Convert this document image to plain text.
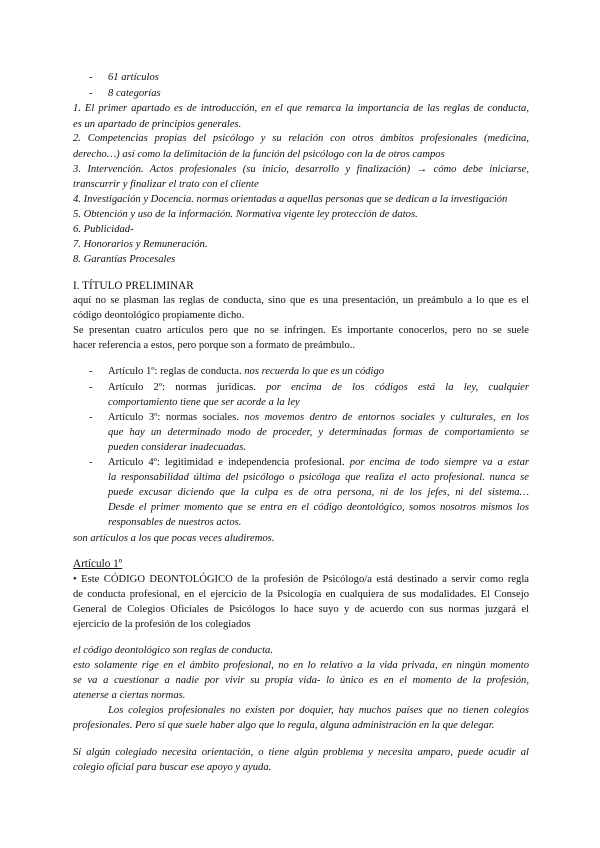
- 61 artículos
- 8 categorías
1. El primer apartado es de introducción, en el que remarca la importancia de las reglas de conducta,
es un apartado de principios generales.
2. Competencias propias del psicólogo y su relación con otros ámbitos profesionales (medicina,
derecho…) así como la delimitación de la función del psicólogo con la de otros campos
3. Intervención. Actos profesionales (su inicio, desarrollo y finalización) → cómo debe iniciarse,
transcurrir y finalizar el trato con el cliente
4. Investigación y Docencia. normas orientadas a aquellas personas que se dedican a la investigación
5. Obtención y uso de la información. Normativa vigente ley protección de datos.
6. Publicidad-
7. Honorarios y Remuneración.
8. Garantías Procesales
I. TÍTULO PRELIMINAR
aquí no se plasman las reglas de conducta, sino que es una presentación, un preámbulo a lo que es el
código deontológico propiamente dicho.
Se presentan cuatro artículos pero que no se infringen. Es importante conocerlos, pero no se suele
hacer referencia a estos, pero porque son a formato de preámbulo..
- Artículo 1º: reglas de conducta. nos recuerda lo que es un código
- Artículo 2º: normas jurídicas. por encima de los códigos está la ley, cualquier
comportamiento tiene que ser acorde a la ley
- Artículo 3º: normas sociales. nos movemos dentro de entornos sociales y culturales, en los
que hay un determinado modo de proceder, y determinadas formas de comportamiento se
pueden considerar inadecuadas.
- Artículo 4º: legitimidad e independencia profesional. por encima de todo siempre va a estar
la responsabilidad última del psicólogo o psicóloga que realiza el acto profesional. nunca se
puede excusar diciendo que la culpa es de otra persona, ni de los jefes, ni del sistema…
Desde el primer momento que se entra en el código deontológico, somos nosotros mismos los
responsables de nuestros actos.
son artículos a los que pocas veces aludiremos.
Artículo 1º
• Este CÓDIGO DEONTOLÓGICO de la profesión de Psicólogo/a está destinado a servir como regla
de conducta profesional, en el ejercicio de la Psicología en cualquiera de sus modalidades. El Consejo
General de Colegios Oficiales de Psicólogos lo hace suyo y de acuerdo con sus normas juzgará el
ejercicio de la profesión de los colegiados
el código deontológico son reglas de conducta.
esto solamente rige en el ámbito profesional, no en lo relativo a la vida privada, en ningún momento
se va a cuestionar a nadie por vivir su propia vida- lo único es en el momento de la profesión,
atenerse a ciertas normas.
Los colegios profesionales no existen por doquier, hay muchos países que no tienen colegios
profesionales. Pero sí que suele haber algo que lo regula, alguna administración en la que delegar.
Si algún colegiado necesita orientación, o tiene algún problema y necesita amparo, puede acudir al
colegio oficial para buscar ese apoyo y ayuda.
